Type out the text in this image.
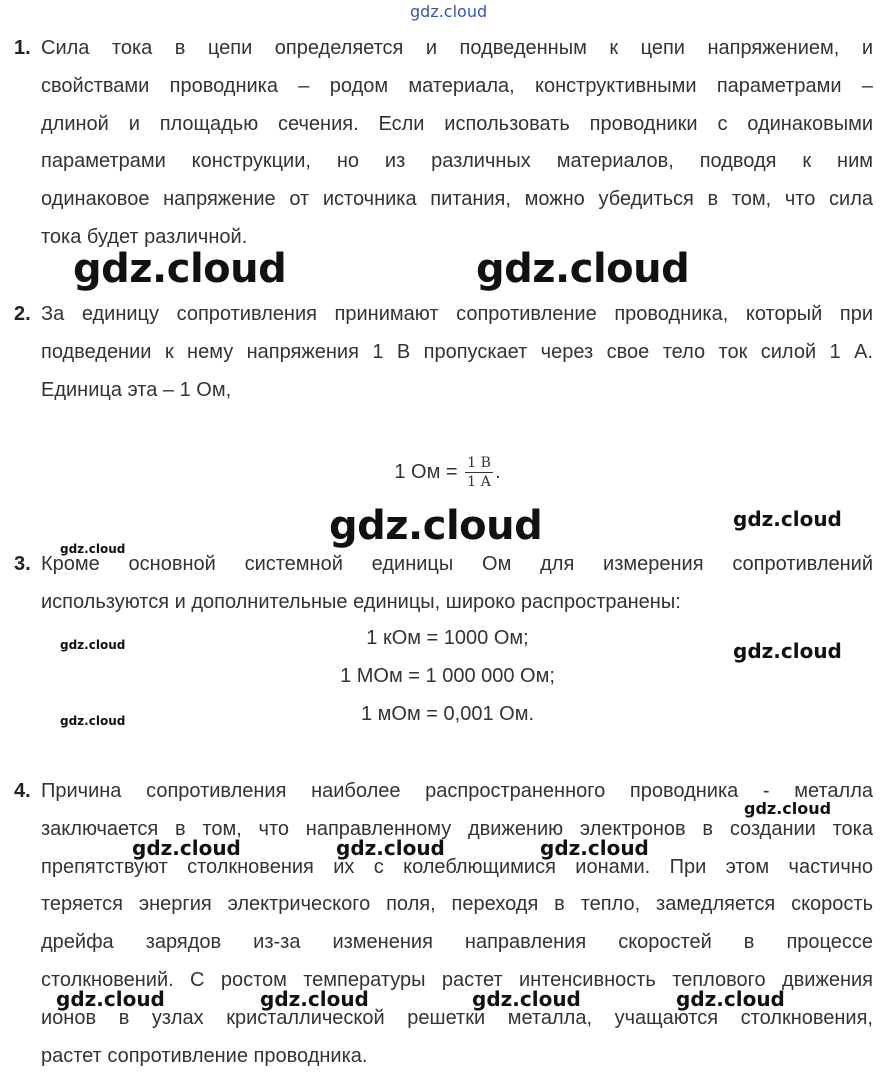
gdz.cloud
1. Сила тока в цепи определяется и подведенным к цепи напряжением, и
свойствами проводника – родом материала, конструктивными параметрами –
длиной и площадью сечения. Если использовать проводники с одинаковыми
параметрами конструкции, но из различных материалов, подводя к ним
одинаковое напряжение от источника питания, можно убедиться в том, что сила
тока будет различной.
gdz.cloud	gdz.cloud
2. За единицу сопротивления принимают сопротивление проводника, который при
подведении к нему напряжения 1 В пропускает через свое тело ток силой 1 А.
Единица эта – 1 Ом,
1 Ом = $\frac{1 В}{1 А}$ .
gdz.cloud	gdz.cloud
gdz.cloud
3. Кроме основной системной единицы Ом для измерения сопротивлений
используются и дополнительные единицы, широко распространены:
1 кОм = 1000 Ом;
1 МОм = 1 000 000 Ом;
1 мОм = 0,001 Ом.
gdz.cloud	gdz.cloud
gdz.cloud
4. Причина сопротивления наиболее распространенного проводника - металла
заключается в том, что направленному движению электронов в создании тока
препятствуют столкновения их с колеблющимися ионами. При этом частично
теряется энергия электрического поля, переходя в тепло, замедляется скорость
дрейфа зарядов из-за изменения направления скоростей в процессе
столкновений. С ростом температуры растет интенсивность теплового движения
ионов в узлах кристаллической решетки металла, учащаются столкновения,
растет сопротивление проводника.
gdz.cloud
gdz.cloud	gdz.cloud	gdz.cloud
gdz.cloud	gdz.cloud	gdz.cloud	gdz.cloud
